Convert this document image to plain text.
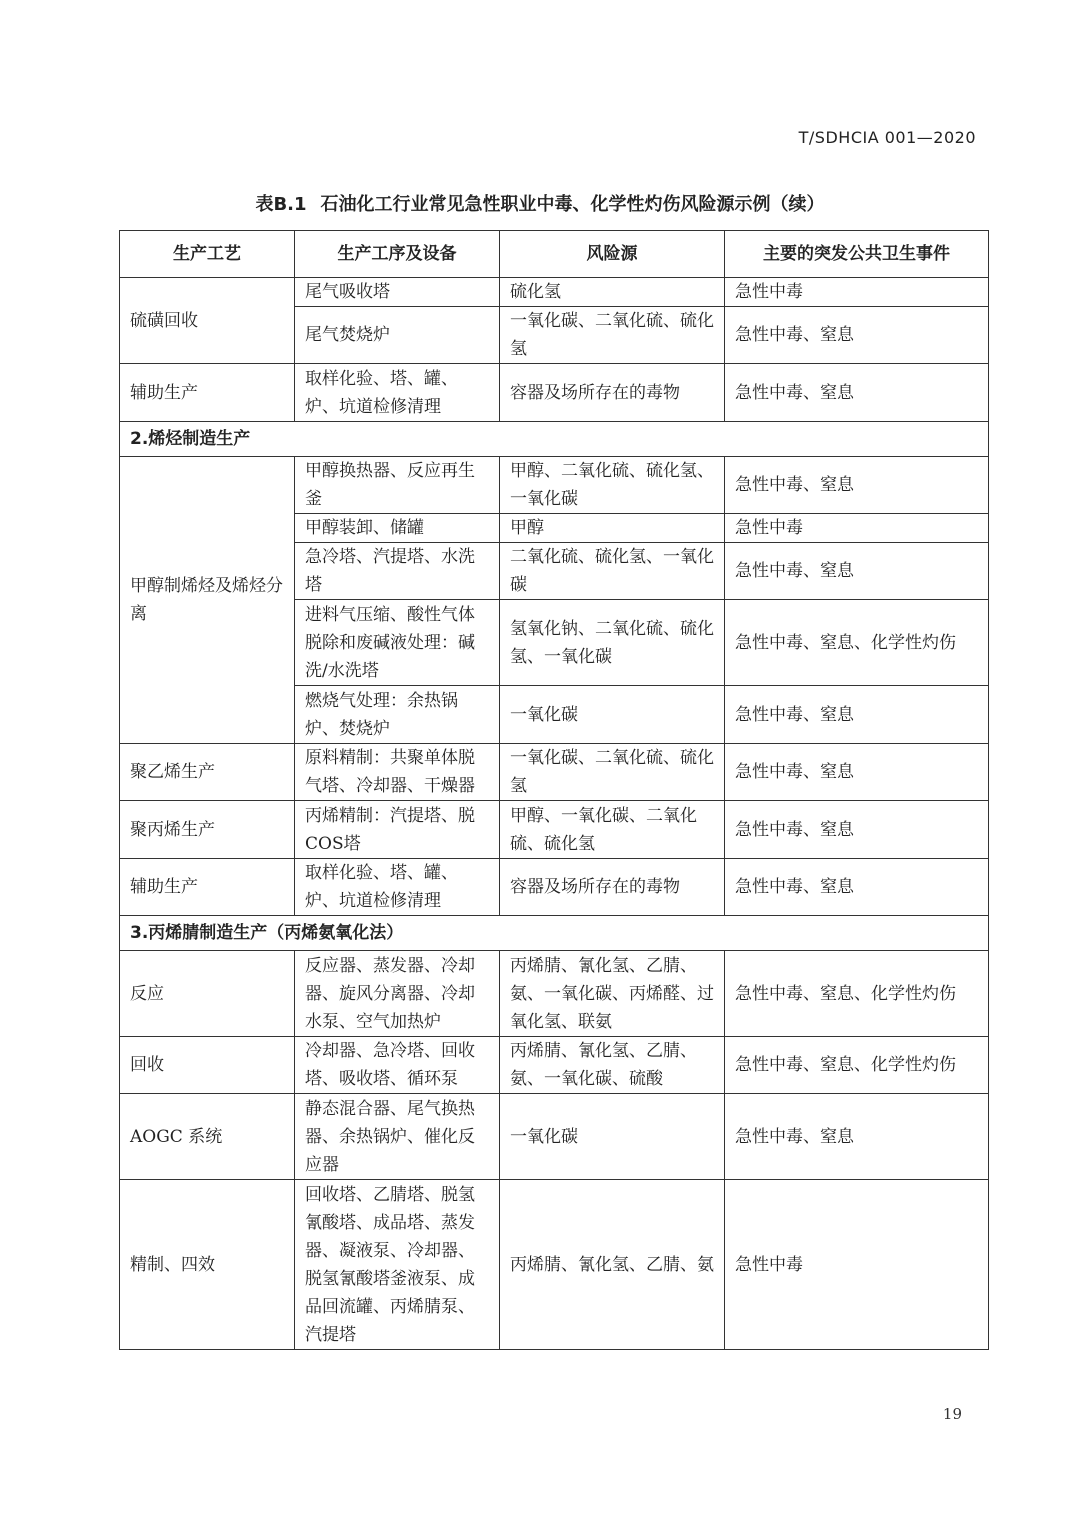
T/SDHCIA 001—2020
表B.1 石油化工行业常见急性职业中毒、化学性灼伤风险源示例（续）
生产工艺	生产工序及设备	风险源	主要的突发公共卫生事件
硫磺回收	尾气吸收塔	硫化氢	急性中毒
	尾气焚烧炉	一氧化碳、二氧化硫、硫化氢	急性中毒、窒息
辅助生产	取样化验、塔、罐、炉、坑道检修清理	容器及场所存在的毒物	急性中毒、窒息
2.烯烃制造生产			
甲醇制烯烃及烯烃分离	甲醇换热器、反应再生釜	甲醇、二氧化硫、硫化氢、一氧化碳	急性中毒、窒息
	甲醇装卸、储罐	甲醇	急性中毒
	急冷塔、汽提塔、水洗塔	二氧化硫、硫化氢、一氧化碳	急性中毒、窒息
	进料气压缩、酸性气体脱除和废碱液处理：碱洗/水洗塔	氢氧化钠、二氧化硫、硫化氢、一氧化碳	急性中毒、窒息、化学性灼伤
	燃烧气处理：余热锅炉、焚烧炉	一氧化碳	急性中毒、窒息
聚乙烯生产	原料精制：共聚单体脱气塔、冷却器、干燥器	一氧化碳、二氧化硫、硫化氢	急性中毒、窒息
聚丙烯生产	丙烯精制：汽提塔、脱COS塔	甲醇、一氧化碳、二氧化硫、硫化氢	急性中毒、窒息
辅助生产	取样化验、塔、罐、炉、坑道检修清理	容器及场所存在的毒物	急性中毒、窒息
3.丙烯腈制造生产（丙烯氨氧化法）			
反应	反应器、蒸发器、冷却器、旋风分离器、冷却水泵、空气加热炉	丙烯腈、氰化氢、乙腈、氨、一氧化碳、丙烯醛、过氧化氢、联氨	急性中毒、窒息、化学性灼伤
回收	冷却器、急冷塔、回收塔、吸收塔、循环泵	丙烯腈、氰化氢、乙腈、氨、一氧化碳、硫酸	急性中毒、窒息、化学性灼伤
AOGC 系统	静态混合器、尾气换热器、余热锅炉、催化反应器	一氧化碳	急性中毒、窒息
精制、四效	回收塔、乙腈塔、脱氢氰酸塔、成品塔、蒸发器、凝液泵、冷却器、脱氢氰酸塔釜液泵、成品回流罐、丙烯腈泵、汽提塔	丙烯腈、氰化氢、乙腈、氨	急性中毒
19
